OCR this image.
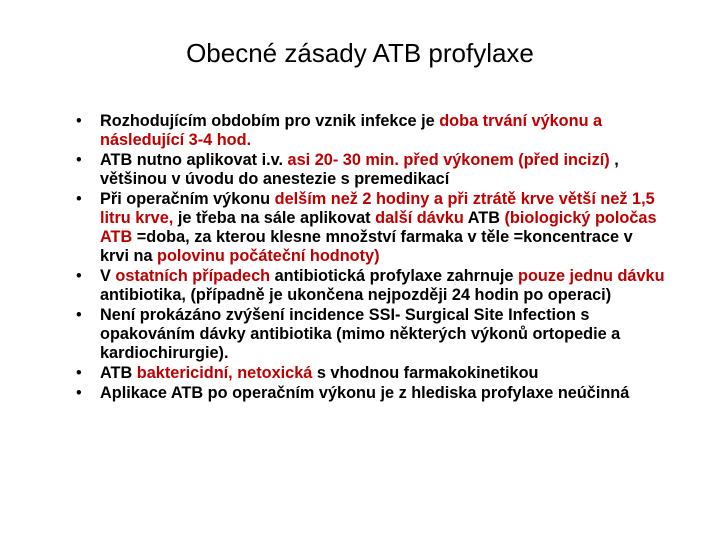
Obecné zásady ATB profylaxe
• Rozhodujícím obdobím pro vznik infekce je doba trvání výkonu a následující 3-4 hod.
• ATB nutno aplikovat i.v. asi 20- 30 min. před výkonem (před incizí) , většinou v úvodu do anestezie s premedikací
• Při operačním výkonu delším než 2 hodiny a při ztrátě krve větší než 1,5 litru krve, je třeba na sále aplikovat další dávku ATB (biologický poločas ATB =doba, za kterou klesne množství farmaka v těle =koncentrace v krvi na polovinu počáteční hodnoty)
• V ostatních případech antibiotická profylaxe zahrnuje pouze jednu dávku antibiotika, (případně je ukončena nejpozději 24 hodin po operaci)
• Není prokázáno zvýšení incidence SSI- Surgical Site Infection s opakováním dávky antibiotika (mimo některých výkonů ortopedie a kardiochirurgie).
• ATB baktericidní, netoxická s vhodnou farmakokinetikou
• Aplikace ATB po operačním výkonu je z hlediska profylaxe neúčinná
